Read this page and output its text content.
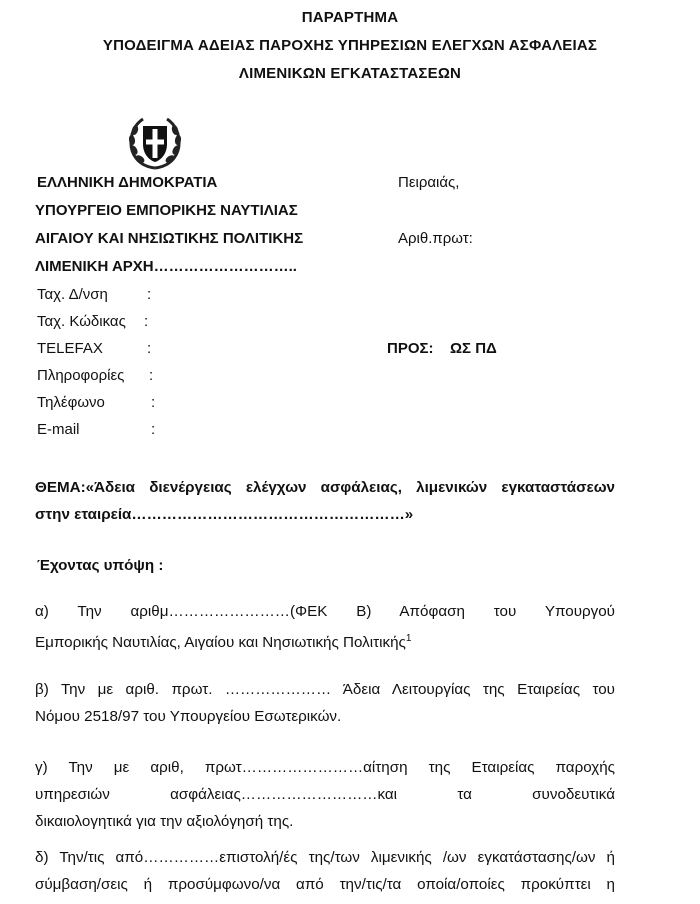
ΠΑΡΑΡΤΗΜΑ
ΥΠΟΔΕΙΓΜΑ ΑΔΕΙΑΣ ΠΑΡΟΧΗΣ ΥΠΗΡΕΣΙΩΝ ΕΛΕΓΧΩΝ ΑΣΦΑΛΕΙΑΣ
ΛΙΜΕΝΙΚΩΝ ΕΓΚΑΤΑΣΤΑΣΕΩΝ
ΕΛΛΗΝΙΚΗ ΔΗΜΟΚΡΑΤΙΑ
ΥΠΟΥΡΓΕΙΟ ΕΜΠΟΡΙΚΗΣ ΝΑΥΤΙΛΙΑΣ
ΑΙΓΑΙΟΥ ΚΑΙ ΝΗΣΙΩΤΙΚΗΣ ΠΟΛΙΤΙΚΗΣ
ΛΙΜΕΝΙΚΗ ΑΡΧΗ………………………..
Ταχ. Δ/νση	:
Ταχ. Κώδικας :
TELEFAX	:
Πληροφορίες :
Τηλέφωνο	:
E-mail	:
Πειραιάς,
Αριθ.πρωτ:
ΠΡΟΣ: ΩΣ ΠΔ
ΘΕΜΑ:«Άδεια διενέργειας ελέγχων ασφάλειας, λιμενικών εγκαταστάσεων
στην εταιρεία………………………………………………»
Έχοντας υπόψη :
α) Την αριθμ……………………(ΦΕΚ Β) Απόφαση του Υπουργού
Εμπορικής Ναυτιλίας, Αιγαίου και Νησιωτικής Πολιτικής$^1$
β) Την με αριθ. πρωτ. ………………… Άδεια Λειτουργίας της Εταιρείας του
Νόμου 2518/97 του Υπουργείου Εσωτερικών.
γ) Την με αριθ, πρωτ……………………αίτηση της Εταιρείας παροχής
υπηρεσιών ασφάλειας………………………και τα συνοδευτικά
δικαιολογητικά για την αξιολόγησή της.
δ) Την/τις από……………επιστολή/ές της/των λιμενικής /ων εγκατάστασης/ων ή
σύμβαση/σεις ή προσύμφωνο/να από την/τις/τα οποία/οποίες προκύπτει η
